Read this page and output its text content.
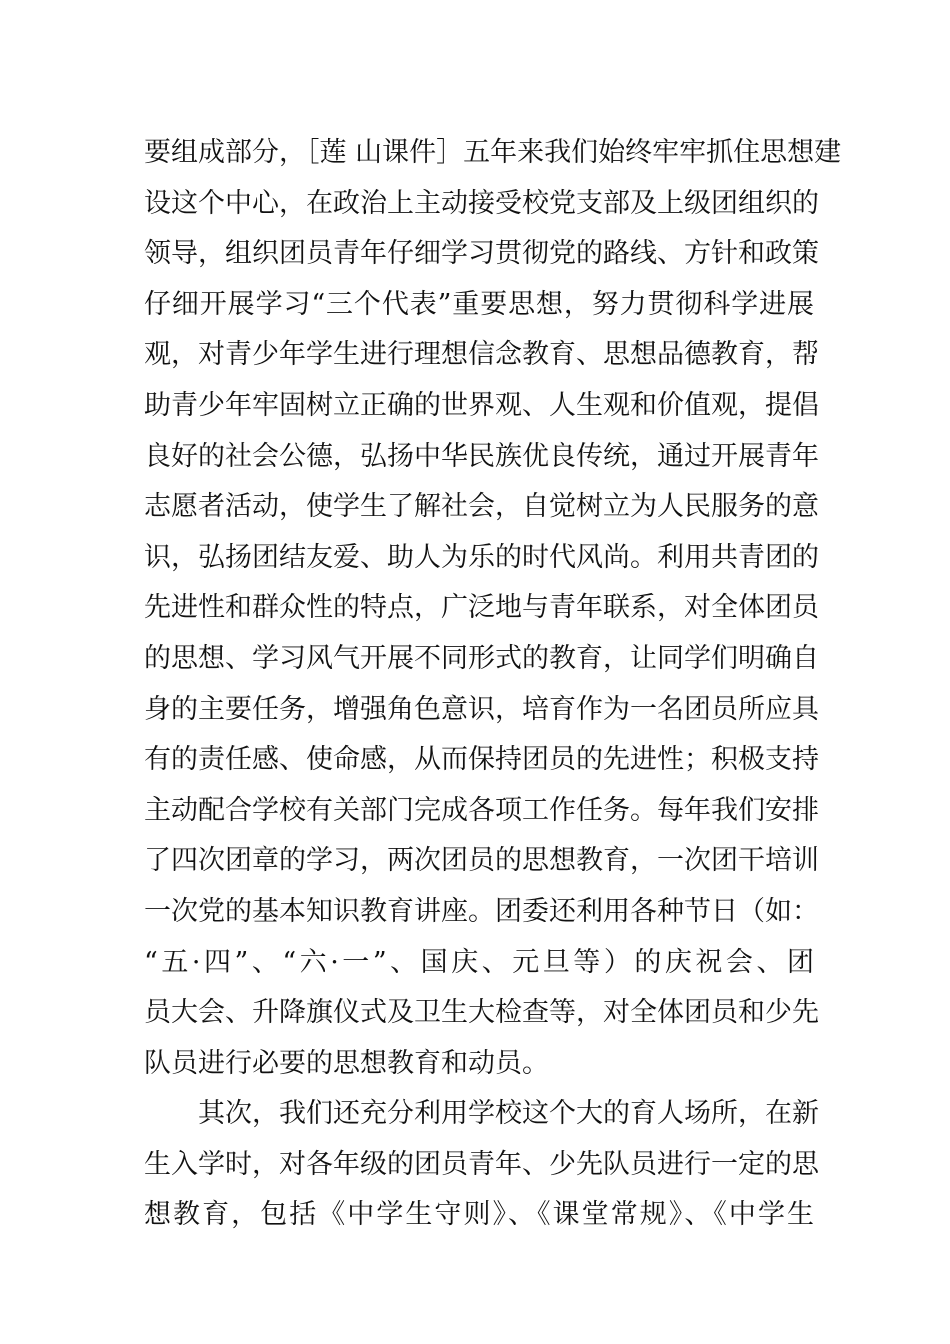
要组成部分，［莲 山课件］五年来我们始终牢牢抓住思想建
设这个中心，在政治上主动接受校党支部及上级团组织的
领导，组织团员青年仔细学习贯彻党的路线、方针和政策
仔细开展学习“三个代表”重要思想，努力贯彻科学进展
观，对青少年学生进行理想信念教育、思想品德教育，帮
助青少年牢固树立正确的世界观、人生观和价值观，提倡
良好的社会公德，弘扬中华民族优良传统，通过开展青年
志愿者活动，使学生了解社会，自觉树立为人民服务的意
识，弘扬团结友爱、助人为乐的时代风尚。利用共青团的
先进性和群众性的特点，广泛地与青年联系，对全体团员
的思想、学习风气开展不同形式的教育，让同学们明确自
身的主要任务，增强角色意识，培育作为一名团员所应具
有的责任感、使命感，从而保持团员的先进性；积极支持
主动配合学校有关部门完成各项工作任务。每年我们安排
了四次团章的学习，两次团员的思想教育，一次团干培训
一次党的基本知识教育讲座。团委还利用各种节日（如：
“五·四”、“六·一”、国庆、元旦等）的庆祝会、团
员大会、升降旗仪式及卫生大检查等，对全体团员和少先
队员进行必要的思想教育和动员。
其次，我们还充分利用学校这个大的育人场所，在新
生入学时，对各年级的团员青年、少先队员进行一定的思
想教育，包括《中学生守则》、《课堂常规》、《中学生
